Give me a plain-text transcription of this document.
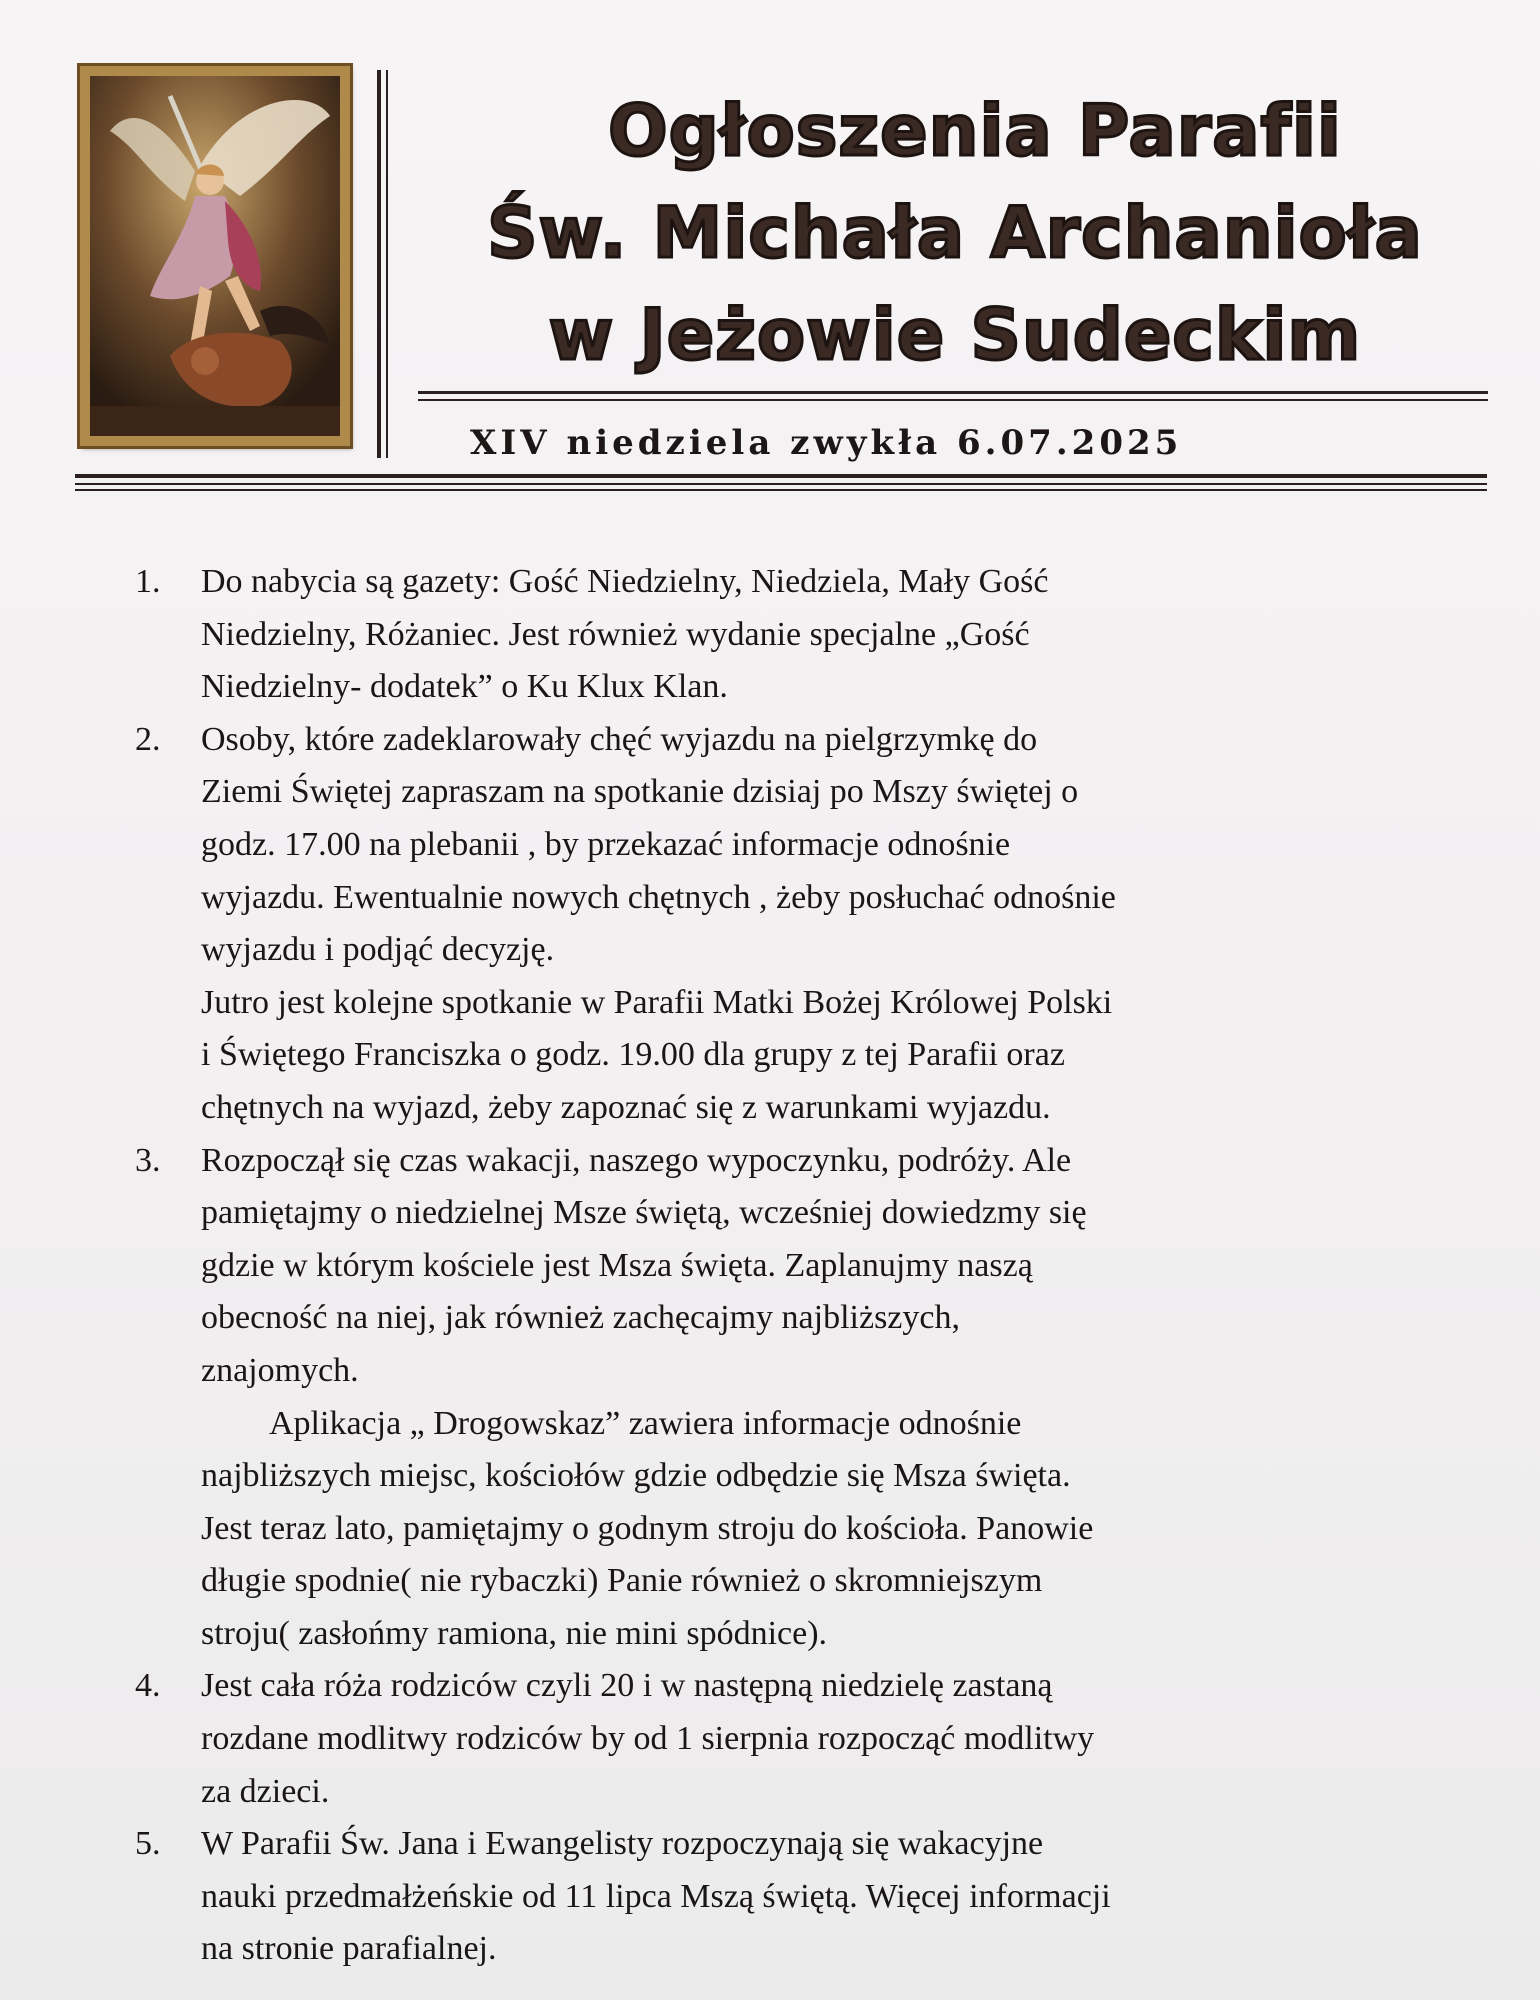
Ogłoszenia Parafii
Św. Michała Archanioła
w Jeżowie Sudeckim
XIV niedziela zwykła 6.07.2025
1.	Do nabycia są gazety: Gość Niedzielny, Niedziela, Mały Gość
Niedzielny, Różaniec. Jest również wydanie specjalne „Gość
Niedzielny- dodatek” o Ku Klux Klan.
2.	Osoby, które zadeklarowały chęć wyjazdu na pielgrzymkę do
Ziemi Świętej zapraszam na spotkanie dzisiaj po Mszy świętej o
godz. 17.00 na plebanii , by przekazać informacje odnośnie
wyjazdu. Ewentualnie nowych chętnych , żeby posłuchać odnośnie
wyjazdu i podjąć decyzję.
Jutro jest kolejne spotkanie w Parafii Matki Bożej Królowej Polski
i Świętego Franciszka o godz. 19.00 dla grupy z tej Parafii oraz
chętnych na wyjazd, żeby zapoznać się z warunkami wyjazdu.
3.	Rozpoczął się czas wakacji, naszego wypoczynku, podróży. Ale
pamiętajmy o niedzielnej Msze świętą, wcześniej dowiedzmy się
gdzie w którym kościele jest Msza święta. Zaplanujmy naszą
obecność na niej, jak również zachęcajmy najbliższych,
znajomych.
Aplikacja „ Drogowskaz” zawiera informacje odnośnie
najbliższych miejsc, kościołów gdzie odbędzie się Msza święta.
Jest teraz lato, pamiętajmy o godnym stroju do kościoła. Panowie
długie spodnie( nie rybaczki) Panie również o skromniejszym
stroju( zasłońmy ramiona, nie mini spódnice).
4.	Jest cała róża rodziców czyli 20 i w następną niedzielę zastaną
rozdane modlitwy rodziców by od 1 sierpnia rozpocząć modlitwy
za dzieci.
5.	W Parafii Św. Jana i Ewangelisty rozpoczynają się wakacyjne
nauki przedmałżeńskie od 11 lipca Mszą świętą. Więcej informacji
na stronie parafialnej.
